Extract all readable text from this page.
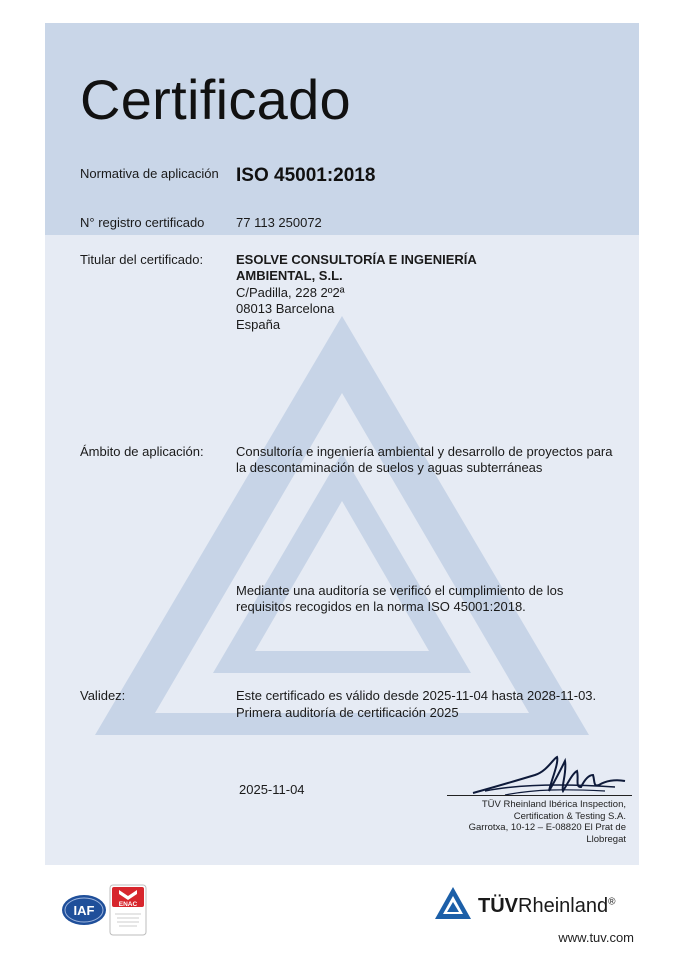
Certificado
Normativa de aplicación ISO 45001:2018
N° registro certificado 77 113 250072
Titular del certificado:	ESOLVE CONSULTORÍA E INGENIERÍA
AMBIENTAL, S.L.
C/Padilla, 228 2º2ª
08013 Barcelona
España
Ámbito de aplicación: Consultoría e ingeniería ambiental y desarrollo de proyectos para
la descontaminación de suelos y aguas subterráneas
Mediante una auditoría se verificó el cumplimiento de los
requisitos recogidos en la norma ISO 45001:2018.
Validez:	Este certificado es válido desde 2025-11-04 hasta 2028-11-03.
Primera auditoría de certificación 2025
2025-11-04
TÜV Rheinland Ibérica Inspection,
Certification & Testing S.A.
Garrotxa, 10-12 – E-08820 El Prat de
Llobregat
IAF	ENAC	TÜVRheinland®
www.tuv.com
